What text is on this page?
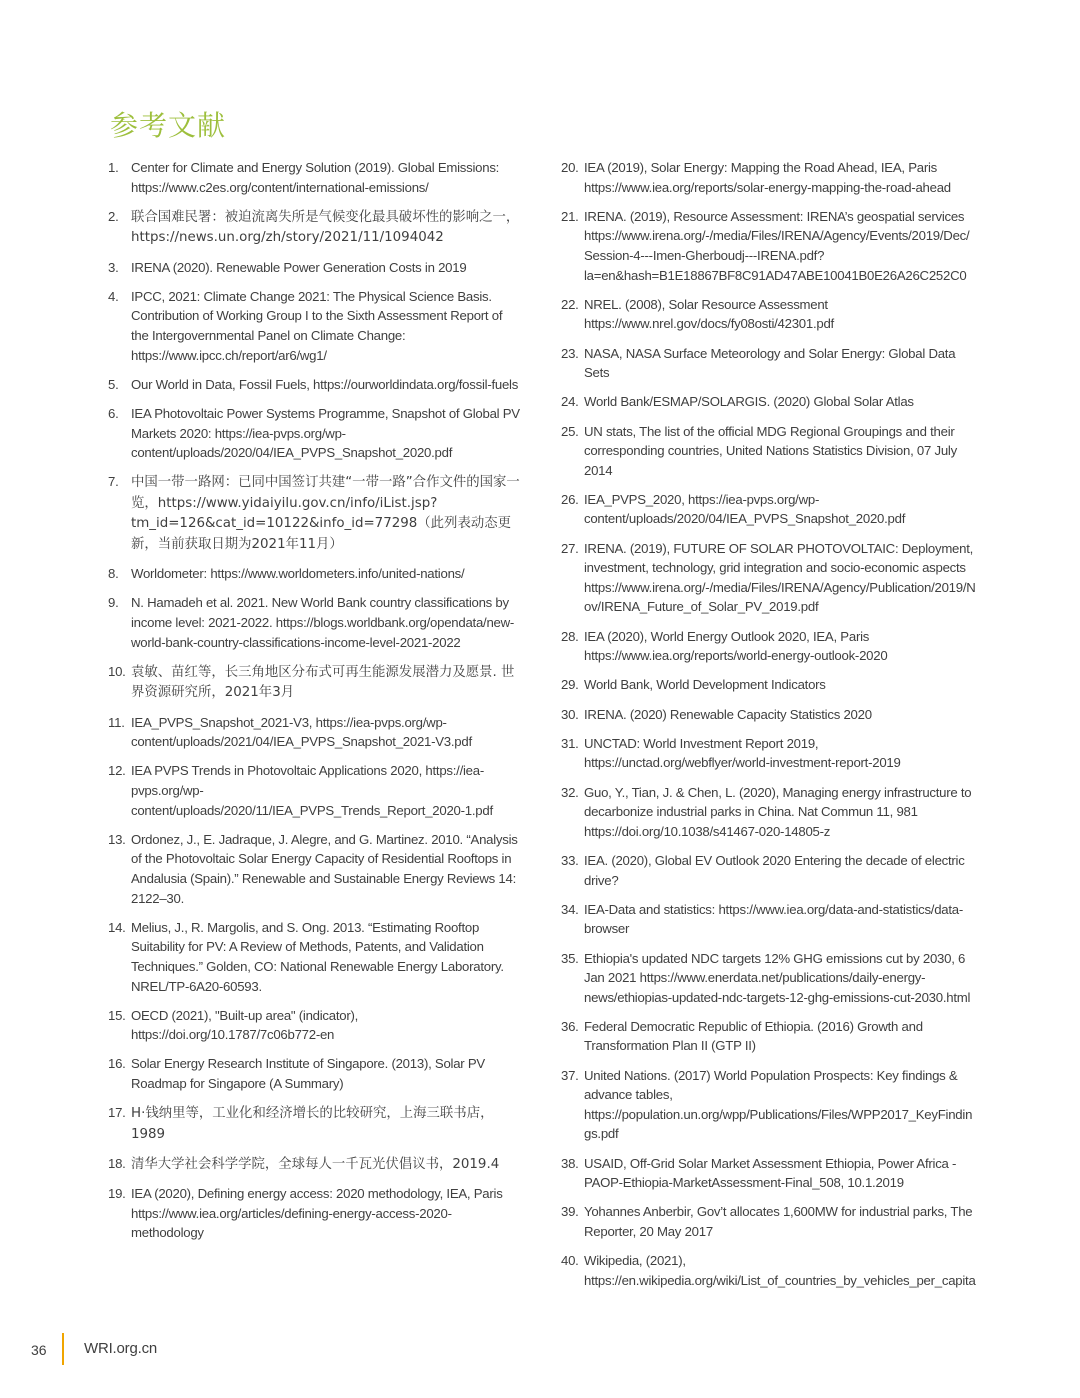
参考文献
1. Center for Climate and Energy Solution (2019). Global Emissions: https://www.c2es.org/content/international-emissions/
2. 联合国难民署：被迫流离失所是气候变化最具破坏性的影响之一，https://news.un.org/zh/story/2021/11/1094042
3. IRENA (2020). Renewable Power Generation Costs in 2019
4. IPCC, 2021: Climate Change 2021: The Physical Science Basis. Contribution of Working Group I to the Sixth Assessment Report of the Intergovernmental Panel on Climate Change: https://www.ipcc.ch/report/ar6/wg1/
5. Our World in Data, Fossil Fuels, https://ourworldindata.org/fossil-fuels
6. IEA Photovoltaic Power Systems Programme, Snapshot of Global PV Markets 2020: https://iea-pvps.org/wp-content/uploads/2020/04/IEA_PVPS_Snapshot_2020.pdf
7. 中国一带一路网：已同中国签订共建“一带一路”合作文件的国家一览，https://www.yidaiyilu.gov.cn/info/iList.jsp?tm_id=126&cat_id=10122&info_id=77298（此列表动态更新，当前获取日期为2021年11月）
8. Worldometer: https://www.worldometers.info/united-nations/
9. N. Hamadeh et al. 2021. New World Bank country classifications by income level: 2021-2022. https://blogs.worldbank.org/opendata/new-world-bank-country-classifications-income-level-2021-2022
10. 袁敏、苗红等，长三角地区分布式可再生能源发展潜力及愿景. 世界资源研究所，2021年3月
11. IEA_PVPS_Snapshot_2021-V3, https://iea-pvps.org/wp-content/uploads/2021/04/IEA_PVPS_Snapshot_2021-V3.pdf
12. IEA PVPS Trends in Photovoltaic Applications 2020, https://iea-pvps.org/wp-content/uploads/2020/11/IEA_PVPS_Trends_Report_2020-1.pdf
13. Ordonez, J., E. Jadraque, J. Alegre, and G. Martinez. 2010. “Analysis of the Photovoltaic Solar Energy Capacity of Residential Rooftops in Andalusia (Spain).” Renewable and Sustainable Energy Reviews 14: 2122–30.
14. Melius, J., R. Margolis, and S. Ong. 2013. “Estimating Rooftop Suitability for PV: A Review of Methods, Patents, and Validation Techniques.” Golden, CO: National Renewable Energy Laboratory. NREL/TP-6A20-60593.
15. OECD (2021), "Built-up area" (indicator), https://doi.org/10.1787/7c06b772-en
16. Solar Energy Research Institute of Singapore. (2013), Solar PV Roadmap for Singapore (A Summary)
17. H·钱纳里等，工业化和经济增长的比较研究，上海三联书店，1989
18. 清华大学社会科学学院，全球每人一千瓦光伏倡议书，2019.4
19. IEA (2020), Defining energy access: 2020 methodology, IEA, Paris https://www.iea.org/articles/defining-energy-access-2020-methodology
20. IEA (2019), Solar Energy: Mapping the Road Ahead, IEA, Paris https://www.iea.org/reports/solar-energy-mapping-the-road-ahead
21. IRENA. (2019), Resource Assessment: IRENA’s geospatial services https://www.irena.org/-/media/Files/IRENA/Agency/Events/2019/Dec/Session-4---Imen-Gherboudj---IRENA.pdf?la=en&hash=B1E18867BF8C91AD47ABE10041B0E26A26C252C0
22. NREL. (2008), Solar Resource Assessment https://www.nrel.gov/docs/fy08osti/42301.pdf
23. NASA, NASA Surface Meteorology and Solar Energy: Global Data Sets
24. World Bank/ESMAP/SOLARGIS. (2020) Global Solar Atlas
25. UN stats, The list of the official MDG Regional Groupings and their corresponding countries, United Nations Statistics Division, 07 July 2014
26. IEA_PVPS_2020, https://iea-pvps.org/wp-content/uploads/2020/04/IEA_PVPS_Snapshot_2020.pdf
27. IRENA. (2019), FUTURE OF SOLAR PHOTOVOLTAIC: Deployment, investment, technology, grid integration and socio-economic aspects https://www.irena.org/-/media/Files/IRENA/Agency/Publication/2019/Nov/IRENA_Future_of_Solar_PV_2019.pdf
28. IEA (2020), World Energy Outlook 2020, IEA, Paris https://www.iea.org/reports/world-energy-outlook-2020
29. World Bank, World Development Indicators
30. IRENA. (2020) Renewable Capacity Statistics 2020
31. UNCTAD: World Investment Report 2019, https://unctad.org/webflyer/world-investment-report-2019
32. Guo, Y., Tian, J. & Chen, L. (2020), Managing energy infrastructure to decarbonize industrial parks in China. Nat Commun 11, 981 https://doi.org/10.1038/s41467-020-14805-z
33. IEA. (2020), Global EV Outlook 2020 Entering the decade of electric drive?
34. IEA-Data and statistics: https://www.iea.org/data-and-statistics/data-browser
35. Ethiopia's updated NDC targets 12% GHG emissions cut by 2030, 6 Jan 2021 https://www.enerdata.net/publications/daily-energy-news/ethiopias-updated-ndc-targets-12-ghg-emissions-cut-2030.html
36. Federal Democratic Republic of Ethiopia. (2016) Growth and Transformation Plan II (GTP II)
37. United Nations. (2017) World Population Prospects: Key findings & advance tables, https://population.un.org/wpp/Publications/Files/WPP2017_KeyFindings.pdf
38. USAID, Off-Grid Solar Market Assessment Ethiopia, Power Africa - PAOP-Ethiopia-MarketAssessment-Final_508, 10.1.2019
39. Yohannes Anberbir, Gov’t allocates 1,600MW for industrial parks, The Reporter, 20 May 2017
40. Wikipedia, (2021), https://en.wikipedia.org/wiki/List_of_countries_by_vehicles_per_capita
36 WRI.org.cn
